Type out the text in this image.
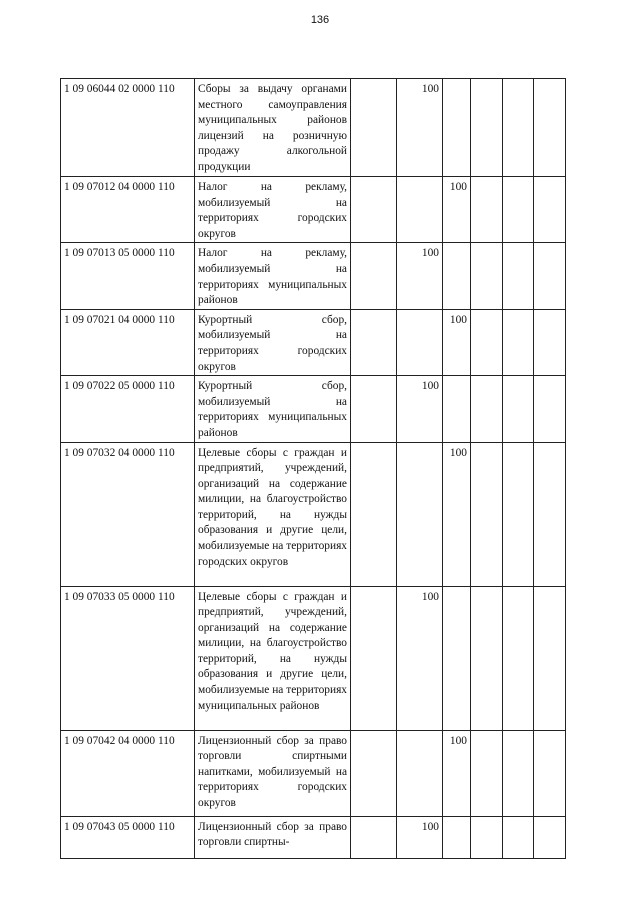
136
1 09 06044 02 0000 110	Сборы за выдачу органами местного самоуправления муниципальных районов лицензий на розничную продажу алкогольной продукции		100				
1 09 07012 04 0000 110	Налог на рекламу, мобилизуемый на территориях городских округов			100			
1 09 07013 05 0000 110	Налог на рекламу, мобилизуемый на территориях муниципальных районов		100				
1 09 07021 04 0000 110	Курортный сбор, мобилизуемый на территориях городских округов			100			
1 09 07022 05 0000 110	Курортный сбор, мобилизуемый на территориях муниципальных районов		100				
1 09 07032 04 0000 110	Целевые сборы с граждан и предприятий, учреждений, организаций на содержание милиции, на благоустройство территорий, на нужды образования и другие цели, мобилизуемые на территориях городских округов			100			
1 09 07033 05 0000 110	Целевые сборы с граждан и предприятий, учреждений, организаций на содержание милиции, на благоустройство территорий, на нужды образования и другие цели, мобилизуемые на территориях муниципальных районов		100				
1 09 07042 04 0000 110	Лицензионный сбор за право торговли спиртными напитками, мобилизуемый на территориях городских округов			100			
1 09 07043 05 0000 110	Лицензионный сбор за право торговли спиртны-		100				
